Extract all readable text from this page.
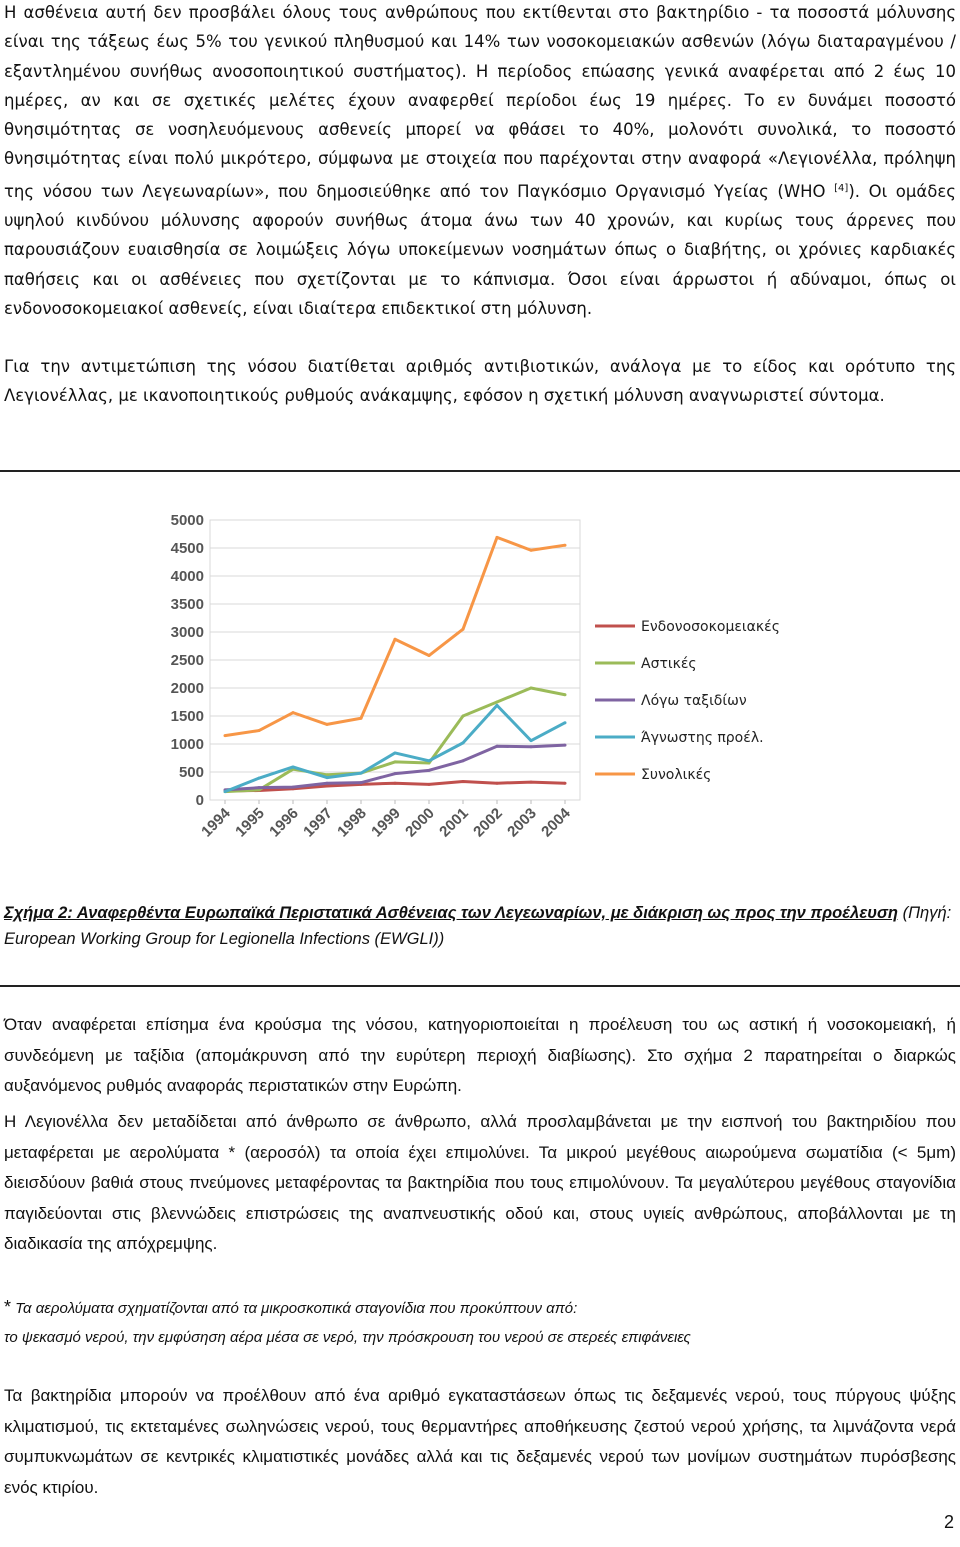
Η ασθένεια αυτή δεν προσβάλει όλους τους ανθρώπους που εκτίθενται στο βακτηρίδιο - τα ποσοστά μόλυνσης είναι της τάξεως έως 5% του γενικού πληθυσμού και 14% των νοσοκομειακών ασθενών (λόγω διαταραγμένου / εξαντλημένου συνήθως ανοσοποιητικού συστήματος). Η περίοδος επώασης γενικά αναφέρεται από 2 έως 10 ημέρες, αν και σε σχετικές μελέτες έχουν αναφερθεί περίοδοι έως 19 ημέρες. Το εν δυνάμει ποσοστό θνησιμότητας σε νοσηλευόμενους ασθενείς μπορεί να φθάσει το 40%, μολονότι συνολικά, το ποσοστό θνησιμότητας είναι πολύ μικρότερο, σύμφωνα με στοιχεία που παρέχονται στην αναφορά «Λεγιονέλλα, πρόληψη της νόσου των Λεγεωναρίων», που δημοσιεύθηκε από τον Παγκόσμιο Οργανισμό Υγείας (WHO [4]). Οι ομάδες υψηλού κινδύνου μόλυνσης αφορούν συνήθως άτομα άνω των 40 χρονών, και κυρίως τους άρρενες που παρουσιάζουν ευαισθησία σε λοιμώξεις λόγω υποκείμενων νοσημάτων όπως ο διαβήτης, οι χρόνιες καρδιακές παθήσεις και οι ασθένειες που σχετίζονται με το κάπνισμα. Όσοι είναι άρρωστοι ή αδύναμοι, όπως οι ενδονοσοκομειακοί ασθενείς, είναι ιδιαίτερα επιδεκτικοί στη μόλυνση.

Για την αντιμετώπιση της νόσου διατίθεται αριθμός αντιβιοτικών, ανάλογα με το είδος και ορότυπο της Λεγιονέλλας, με ικανοποιητικούς ρυθμούς ανάκαμψης, εφόσον η σχετική μόλυνση αναγνωριστεί σύντομα.

0
500
1000
1500
2000
2500
3000
3500
4000
4500
5000
1994
1995
1996
1997
1998
1999
2000
2001
2002
2003
2004
Ενδονοσοκομειακές
Αστικές
Λόγω ταξιδίων
Άγνωστης προέλ.
Συνολικές

Σχήμα 2: Αναφερθέντα Ευρωπαϊκά Περιστατικά Ασθένειας των Λεγεωναρίων, με διάκριση ως προς την προέλευση (Πηγή: European Working Group for Legionella Infections (EWGLI))

Όταν αναφέρεται επίσημα ένα κρούσμα της νόσου, κατηγοριοποιείται η προέλευση του ως αστική ή νοσοκομειακή, ή συνδεόμενη με ταξίδια (απομάκρυνση από την ευρύτερη περιοχή διαβίωσης). Στο σχήμα 2 παρατηρείται ο διαρκώς αυξανόμενος ρυθμός αναφοράς περιστατικών στην Ευρώπη.

Η Λεγιονέλλα δεν μεταδίδεται από άνθρωπο σε άνθρωπο, αλλά προσλαμβάνεται με την εισπνοή του βακτηριδίου που μεταφέρεται με αερολύματα * (αεροσόλ) τα οποία έχει επιμολύνει. Τα μικρού μεγέθους αιωρούμενα σωματίδια (< 5μm) διεισδύουν βαθιά στους πνεύμονες μεταφέροντας τα βακτηρίδια που τους επιμολύνουν. Τα μεγαλύτερου μεγέθους σταγονίδια παγιδεύονται στις βλεννώδεις επιστρώσεις της αναπνευστικής οδού και, στους υγιείς ανθρώπους, αποβάλλονται με τη διαδικασία της απόχρεμψης.

* Τα αερολύματα σχηματίζονται από τα μικροσκοπικά σταγονίδια που προκύπτουν από:
το ψεκασμό νερού, την εμφύσηση αέρα μέσα σε νερό, την πρόσκρουση του νερού σε στερεές επιφάνειες

Τα βακτηρίδια μπορούν να προέλθουν από ένα αριθμό εγκαταστάσεων όπως τις δεξαμενές νερού, τους πύργους ψύξης κλιματισμού, τις εκτεταμένες σωληνώσεις νερού, τους θερμαντήρες αποθήκευσης ζεστού νερού χρήσης, τα λιμνάζοντα νερά συμπυκνωμάτων σε κεντρικές κλιματιστικές μονάδες αλλά και τις δεξαμενές νερού των μονίμων συστημάτων πυρόσβεσης ενός κτιρίου.

2
